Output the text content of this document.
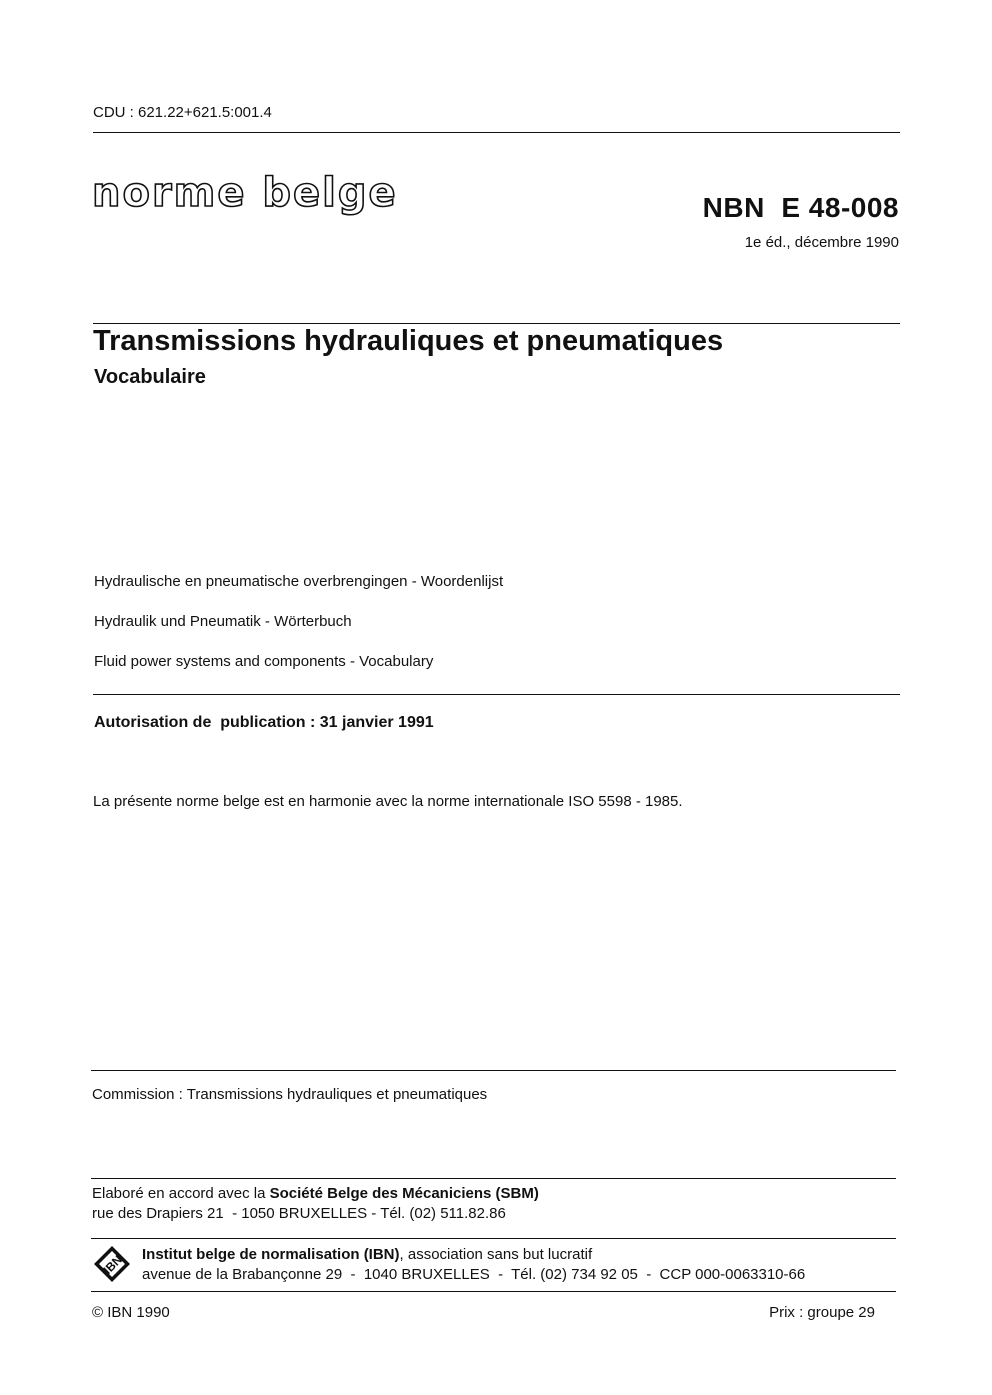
CDU : 621.22+621.5:001.4
norme belge	NBN  E 48-008
1e éd., décembre 1990
Transmissions hydrauliques et pneumatiques
Vocabulaire
Hydraulische en pneumatische overbrengingen - Woordenlijst
Hydraulik und Pneumatik - Wörterbuch
Fluid power systems and components - Vocabulary
Autorisation de  publication : 31 janvier 1991
La présente norme belge est en harmonie avec la norme internationale ISO 5598 - 1985.
Commission : Transmissions hydrauliques et pneumatiques
Elaboré en accord avec la Société Belge des Mécaniciens (SBM)
rue des Drapiers 21  - 1050 BRUXELLES - Tél. (02) 511.82.86
IBN Institut belge de normalisation (IBN), association sans but lucratif
avenue de la Brabançonne 29  -  1040 BRUXELLES  -  Tél. (02) 734 92 05  -  CCP 000-0063310-66
© IBN 1990	Prix : groupe 29
